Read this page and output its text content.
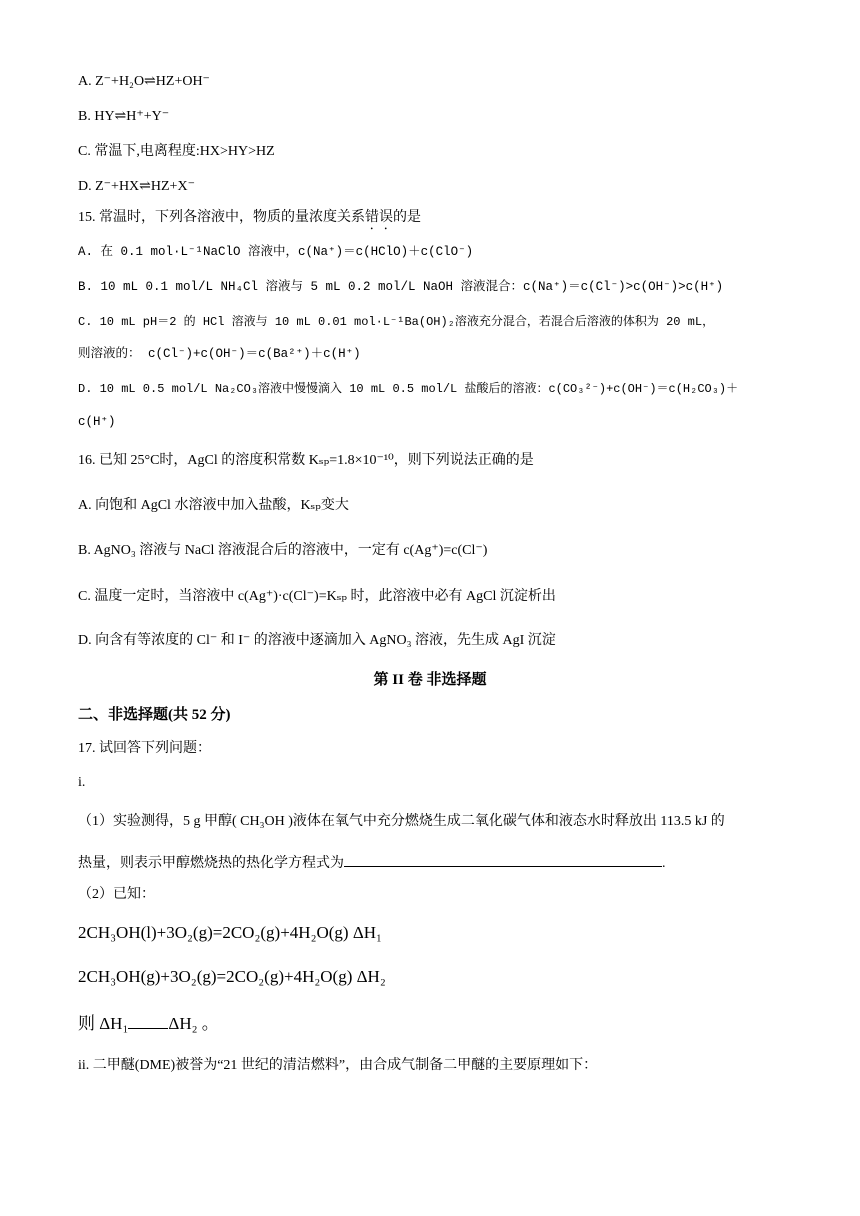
A. Z⁻+H₂O⇌HZ+OH⁻
B. HY⇌H⁺+Y⁻
C. 常温下,电离程度:HX>HY>HZ
D. Z⁻+HX⇌HZ+X⁻
15. 常温时，下列各溶液中，物质的量浓度关系错误的是
A. 在 0.1 mol·L⁻¹NaClO 溶液中，c(Na⁺)＝c(HClO)＋c(ClO⁻)
B. 10 mL 0.1 mol/L NH₄Cl 溶液与 5 mL 0.2 mol/L NaOH 溶液混合：c(Na⁺)＝c(Cl⁻)>c(OH⁻)>c(H⁺)
C. 10 mL pH＝2 的 HCl 溶液与 10 mL 0.01 mol·L⁻¹Ba(OH)₂溶液充分混合，若混合后溶液的体积为 20 mL，
则溶液的： c(Cl⁻)+c(OH⁻)＝c(Ba²⁺)＋c(H⁺)
D. 10 mL 0.5 mol/L Na₂CO₃溶液中慢慢滴入 10 mL 0.5 mol/L 盐酸后的溶液：c(CO₃²⁻)+c(OH⁻)＝c(H₂CO₃)＋
c(H⁺)
16. 已知 25°C时，AgCl 的溶度积常数 Kₛₚ=1.8×10⁻¹⁰，则下列说法正确的是
A. 向饱和 AgCl 水溶液中加入盐酸，Kₛₚ变大
B. AgNO₃ 溶液与 NaCl 溶液混合后的溶液中，一定有 c(Ag⁺)=c(Cl⁻)
C. 温度一定时，当溶液中 c(Ag⁺)·c(Cl⁻)=Kₛₚ 时，此溶液中必有 AgCl 沉淀析出
D. 向含有等浓度的 Cl⁻ 和 I⁻ 的溶液中逐滴加入 AgNO₃ 溶液，先生成 AgI 沉淀
第 II 卷 非选择题
二、非选择题(共 52 分)
17. 试回答下列问题：
i.
（1）实验测得，5 g 甲醇( CH₃OH )液体在氧气中充分燃烧生成二氧化碳气体和液态水时释放出 113.5 kJ 的
热量，则表示甲醇燃烧热的热化学方程式为	.
（2）已知：
2CH₃OH(l)+3O₂(g)=2CO₂(g)+4H₂O(g) ΔH₁
2CH₃OH(g)+3O₂(g)=2CO₂(g)+4H₂O(g) ΔH₂
则 ΔH₁ ΔH₂ 。
ii. 二甲醚(DME)被誉为“21 世纪的清洁燃料”，由合成气制备二甲醚的主要原理如下：
